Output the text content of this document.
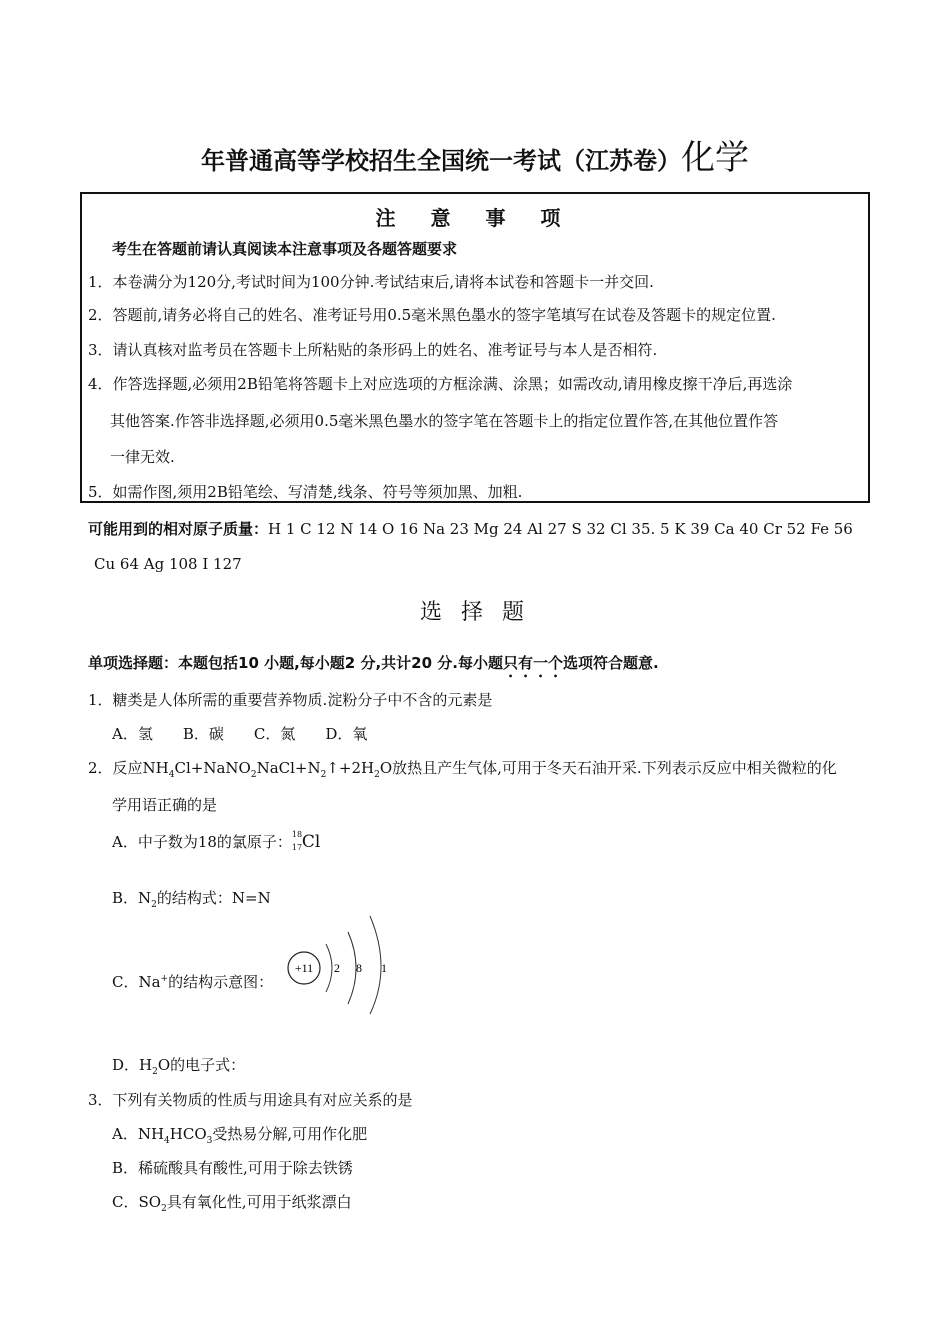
年普通高等学校招生全国统一考试（江苏卷）化学
注 意 事 项
考生在答题前请认真阅读本注意事项及各题答题要求
1．本卷满分为120分,考试时间为100分钟.考试结束后,请将本试卷和答题卡一并交回.
2．答题前,请务必将自己的姓名、准考证号用0.5毫米黑色墨水的签字笔填写在试卷及答题卡的规定位置.
3．请认真核对监考员在答题卡上所粘贴的条形码上的姓名、准考证号与本人是否相符.
4．作答选择题,必须用2B铅笔将答题卡上对应选项的方框涂满、涂黑；如需改动,请用橡皮擦干净后,再选涂
其他答案.作答非选择题,必须用0.5毫米黑色墨水的签字笔在答题卡上的指定位置作答,在其他位置作答
一律无效.
5．如需作图,须用2B铅笔绘、写清楚,线条、符号等须加黑、加粗.
可能用到的相对原子质量：H 1 C 12 N 14 O 16 Na 23 Mg 24 Al 27 S 32 Cl 35. 5 K 39 Ca 40 Cr 52 Fe 56
Cu 64 Ag 108 I 127
选 择 题
单项选择题：本题包括10 小题,每小题2 分,共计20 分.每小题只有一个选项符合题意.
1．糖类是人体所需的重要营养物质.淀粉分子中不含的元素是
A．氢　　B．碳　　C．氮　　D．氧
2．反应$NH_4Cl+NaNO_2NaCl+N_2↑+2H_2O$放热且产生气体,可用于冬天石油开采.下列表示反应中相关微粒的化
学用语正确的是
A．中子数为18的氯原子： 18
17 Cl
B．$N_2$的结构式：N=N
C．Na+的结构示意图：
+11 2 8 1
D．$H_2O$的电子式：
3．下列有关物质的性质与用途具有对应关系的是
A．$NH_4HCO_3$受热易分解,可用作化肥
B．稀硫酸具有酸性,可用于除去铁锈
C．$SO_2$具有氧化性,可用于纸浆漂白
